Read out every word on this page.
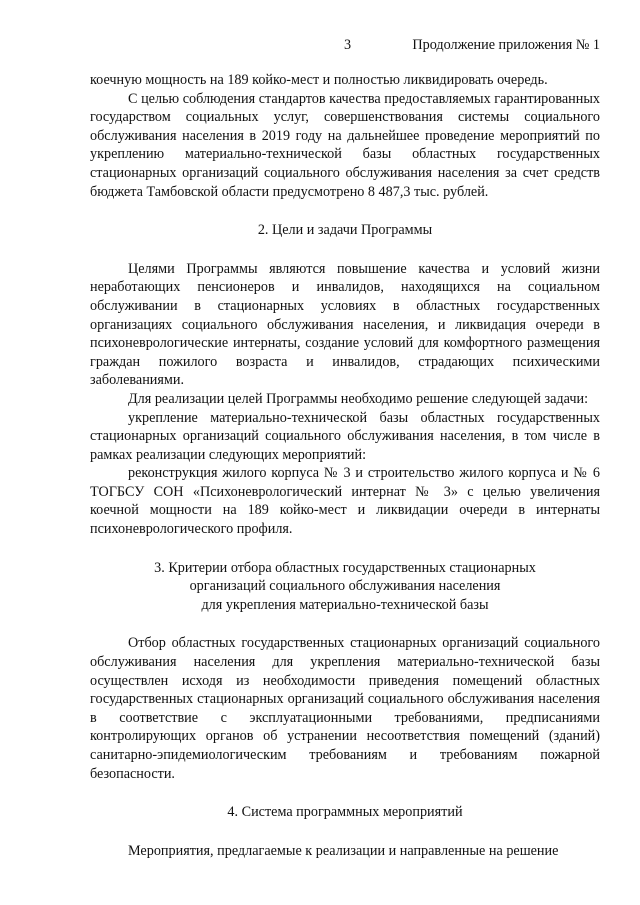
3	Продолжение приложения № 1

коечную мощность на 189 койко-мест и полностью ликвидировать очередь.

С целью соблюдения стандартов качества предоставляемых гарантированных государством социальных услуг, совершенствования системы социального обслуживания населения в 2019 году на дальнейшее проведение мероприятий по укреплению материально-технической базы областных государственных стационарных организаций социального обслуживания населения за счет средств бюджета Тамбовской области предусмотрено 8 487,3 тыс. рублей.

2. Цели и задачи Программы

Целями Программы являются повышение качества и условий жизни неработающих пенсионеров и инвалидов, находящихся на социальном обслуживании в стационарных условиях в областных государственных организациях социального обслуживания населения, и ликвидация очереди в психоневрологические интернаты, создание условий для комфортного размещения граждан пожилого возраста и инвалидов, страдающих психическими заболеваниями.

Для реализации целей Программы необходимо решение следующей задачи:

укрепление материально-технической базы областных государственных стационарных организаций социального обслуживания населения, в том числе в рамках реализации следующих мероприятий:

реконструкция жилого корпуса № 3 и строительство жилого корпуса и № 6 ТОГБСУ СОН «Психоневрологический интернат № 3» с целью увеличения коечной мощности на 189 койко-мест и ликвидации очереди в интернаты психоневрологического профиля.

3. Критерии отбора областных государственных стационарных

организаций социального обслуживания населения

для укрепления материально-технической базы

Отбор областных государственных стационарных организаций социального обслуживания населения для укрепления материально-технической базы осуществлен исходя из необходимости приведения помещений областных государственных стационарных организаций социального обслуживания населения в соответствие с эксплуатационными требованиями, предписаниями контролирующих органов об устранении несоответствия помещений (зданий) санитарно-эпидемиологическим требованиям и требованиям пожарной безопасности.

4. Система программных мероприятий

Мероприятия, предлагаемые к реализации и направленные на решение
